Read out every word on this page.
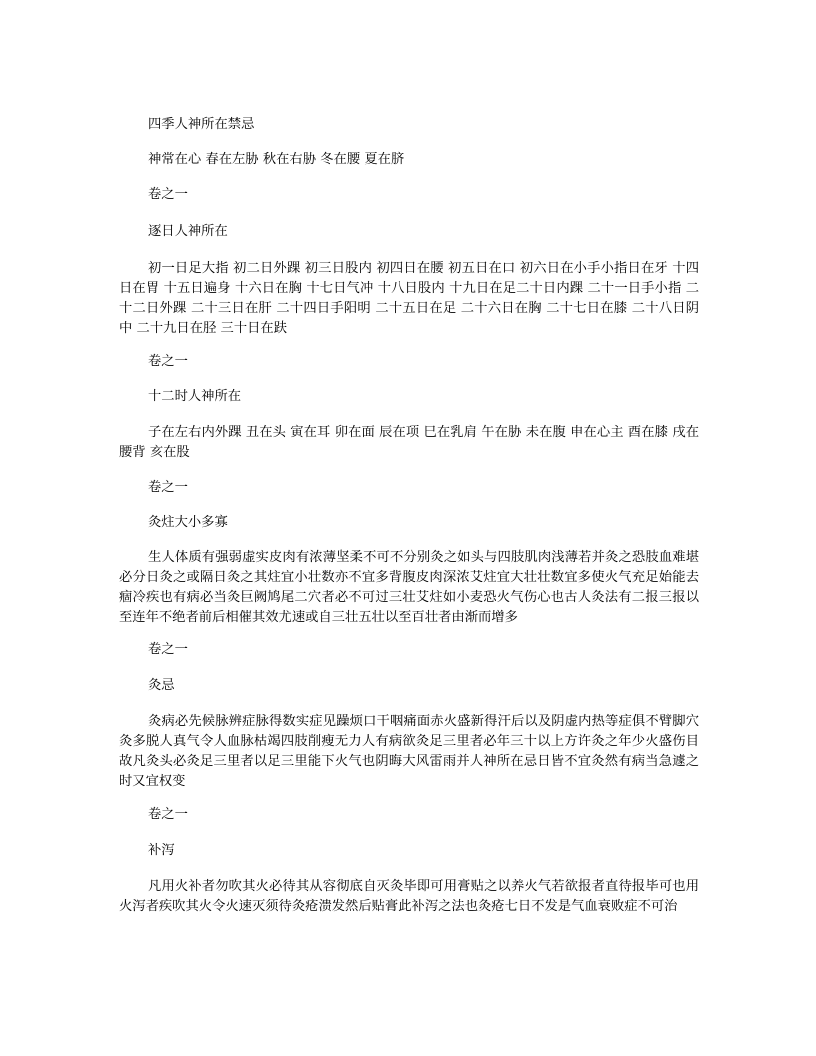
四季人神所在禁忌

神常在心 春在左胁 秋在右胁 冬在腰 夏在脐

卷之一

逐日人神所在

初一日足大指 初二日外踝 初三日股内 初四日在腰 初五日在口 初六日在小手小指日在牙 十四日在胃 十五日遍身 十六日在胸 十七日气冲 十八日股内 十九日在足二十日内踝 二十一日手小指 二十二日外踝 二十三日在肝 二十四日手阳明 二十五日在足 二十六日在胸 二十七日在膝 二十八日阴中 二十九日在胫 三十日在趺

卷之一

十二时人神所在

子在左右内外踝 丑在头 寅在耳 卯在面 辰在项 巳在乳肩 午在胁 未在腹 申在心主 酉在膝 戌在腰背 亥在股

卷之一

灸炷大小多寡

生人体质有强弱虚实皮肉有浓薄坚柔不可不分别灸之如头与四肢肌肉浅薄若并灸之恐肢血难堪必分日灸之或隔日灸之其炷宜小壮数亦不宜多背腹皮肉深浓艾炷宜大壮壮数宜多使火气充足始能去痼冷疾也有病必当灸巨阙鸠尾二穴者必不可过三壮艾炷如小麦恐火气伤心也古人灸法有二报三报以至连年不绝者前后相催其效尤速或自三壮五壮以至百壮者由渐而增多

卷之一

灸忌

灸病必先候脉辨症脉得数实症见躁烦口干咽痛面赤火盛新得汗后以及阴虚内热等症俱不臂脚穴灸多脱人真气令人血脉枯竭四肢削瘦无力人有病欲灸足三里者必年三十以上方许灸之年少火盛伤目故凡灸头必灸足三里者以足三里能下火气也阴晦大风雷雨并人神所在忌日皆不宜灸然有病当急遽之时又宜权变

卷之一

补泻

凡用火补者勿吹其火必待其从容彻底自灭灸毕即可用膏贴之以养火气若欲报者直待报毕可也用火泻者疾吹其火令火速灭须待灸疮溃发然后贴膏此补泻之法也灸疮七日不发是气血衰败症不可治
